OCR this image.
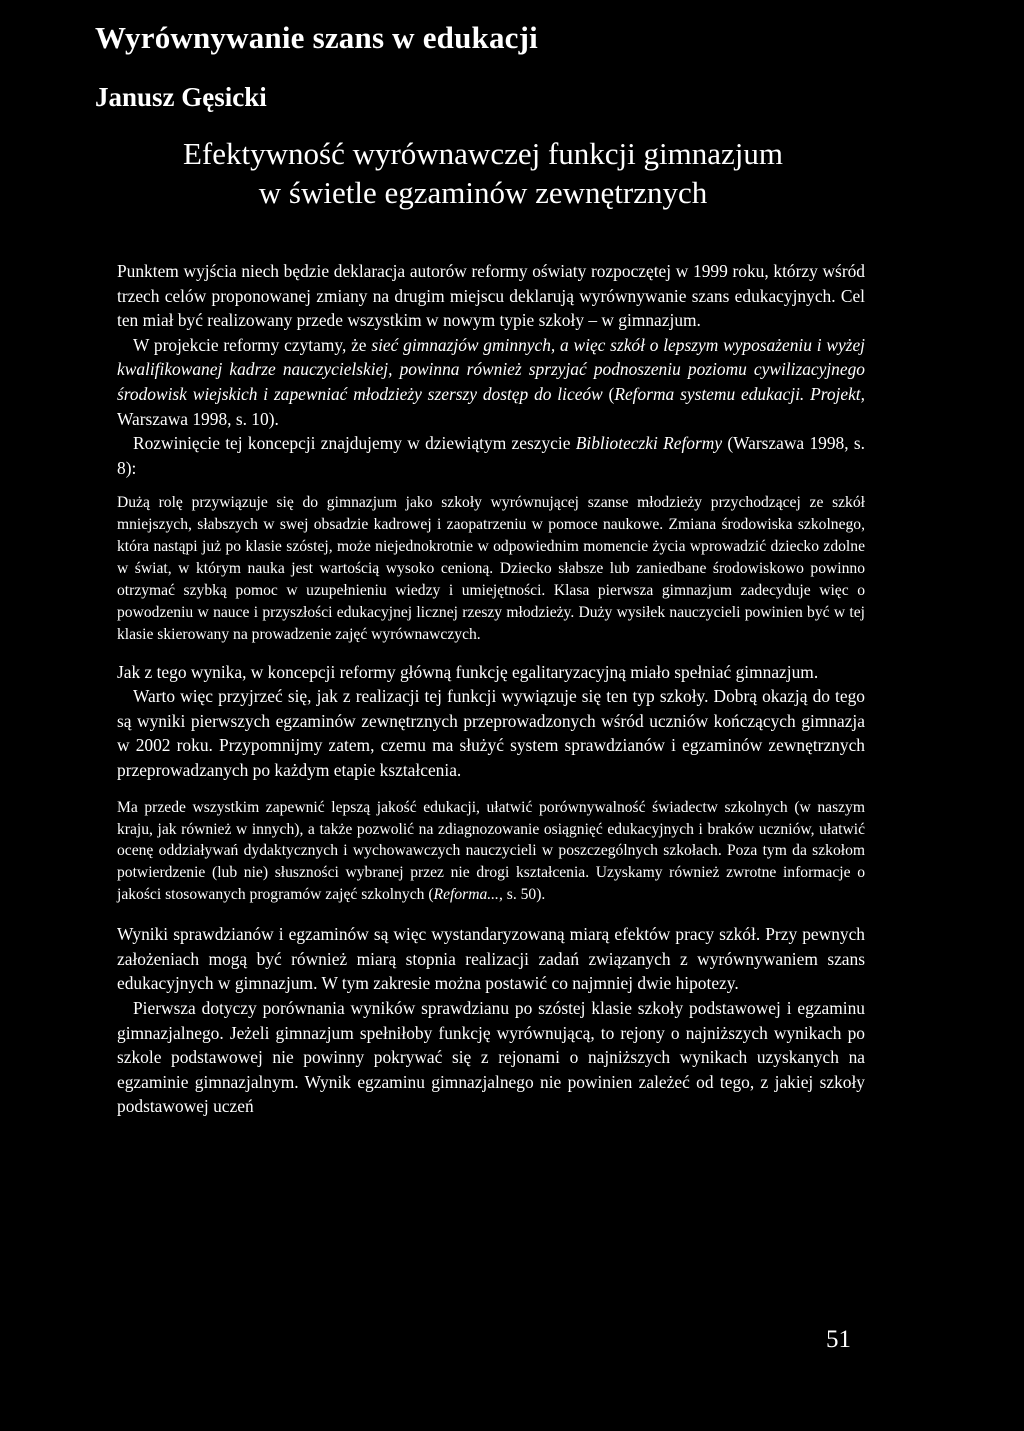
Wyrównywanie szans w edukacji
Janusz Gęsicki
Efektywność wyrównawczej funkcji gimnazjum
w świetle egzaminów zewnętrznych

Punktem wyjścia niech będzie deklaracja autorów reformy oświaty rozpoczętej w 1999 roku, którzy wśród trzech celów proponowanej zmiany na drugim miejscu deklarują wyrównywanie szans edukacyjnych. Cel ten miał być realizowany przede wszystkim w nowym typie szkoły – w gimnazjum.

W projekcie reformy czytamy, że sieć gimnazjów gminnych, a więc szkół o lepszym wyposażeniu i wyżej kwalifikowanej kadrze nauczycielskiej, powinna również sprzyjać podnoszeniu poziomu cywilizacyjnego środowisk wiejskich i zapewniać młodzieży szerszy dostęp do liceów (Reforma systemu edukacji. Projekt, Warszawa 1998, s. 10).

Rozwinięcie tej koncepcji znajdujemy w dziewiątym zeszycie Biblioteczki Reformy (Warszawa 1998, s. 8):

Dużą rolę przywiązuje się do gimnazjum jako szkoły wyrównującej szanse młodzieży przychodzącej ze szkół mniejszych, słabszych w swej obsadzie kadrowej i zaopatrzeniu w pomoce naukowe. Zmiana środowiska szkolnego, która nastąpi już po klasie szóstej, może niejednokrotnie w odpowiednim momencie życia wprowadzić dziecko zdolne w świat, w którym nauka jest wartością wysoko cenioną. Dziecko słabsze lub zaniedbane środowiskowo powinno otrzymać szybką pomoc w uzupełnieniu wiedzy i umiejętności. Klasa pierwsza gimnazjum zadecyduje więc o powodzeniu w nauce i przyszłości edukacyjnej licznej rzeszy młodzieży. Duży wysiłek nauczycieli powinien być w tej klasie skierowany na prowadzenie zajęć wyrównawczych.

Jak z tego wynika, w koncepcji reformy główną funkcję egalitaryzacyjną miało spełniać gimnazjum.

Warto więc przyjrzeć się, jak z realizacji tej funkcji wywiązuje się ten typ szkoły. Dobrą okazją do tego są wyniki pierwszych egzaminów zewnętrznych przeprowadzonych wśród uczniów kończących gimnazja w 2002 roku. Przypomnijmy zatem, czemu ma służyć system sprawdzianów i egzaminów zewnętrznych przeprowadzanych po każdym etapie kształcenia.

Ma przede wszystkim zapewnić lepszą jakość edukacji, ułatwić porównywalność świadectw szkolnych (w naszym kraju, jak również w innych), a także pozwolić na zdiagnozowanie osiągnięć edukacyjnych i braków uczniów, ułatwić ocenę oddziaływań dydaktycznych i wychowawczych nauczycieli w poszczególnych szkołach. Poza tym da szkołom potwierdzenie (lub nie) słuszności wybranej przez nie drogi kształcenia. Uzyskamy również zwrotne informacje o jakości stosowanych programów zajęć szkolnych (Reforma..., s. 50).

Wyniki sprawdzianów i egzaminów są więc wystandaryzowaną miarą efektów pracy szkół. Przy pewnych założeniach mogą być również miarą stopnia realizacji zadań związanych z wyrównywaniem szans edukacyjnych w gimnazjum. W tym zakresie można postawić co najmniej dwie hipotezy.

Pierwsza dotyczy porównania wyników sprawdzianu po szóstej klasie szkoły podstawowej i egzaminu gimnazjalnego. Jeżeli gimnazjum spełniłoby funkcję wyrównującą, to rejony o najniższych wynikach po szkole podstawowej nie powinny pokrywać się z rejonami o najniższych wynikach uzyskanych na egzaminie gimnazjalnym. Wynik egzaminu gimnazjalnego nie powinien zależeć od tego, z jakiej szkoły podstawowej uczeń

51
